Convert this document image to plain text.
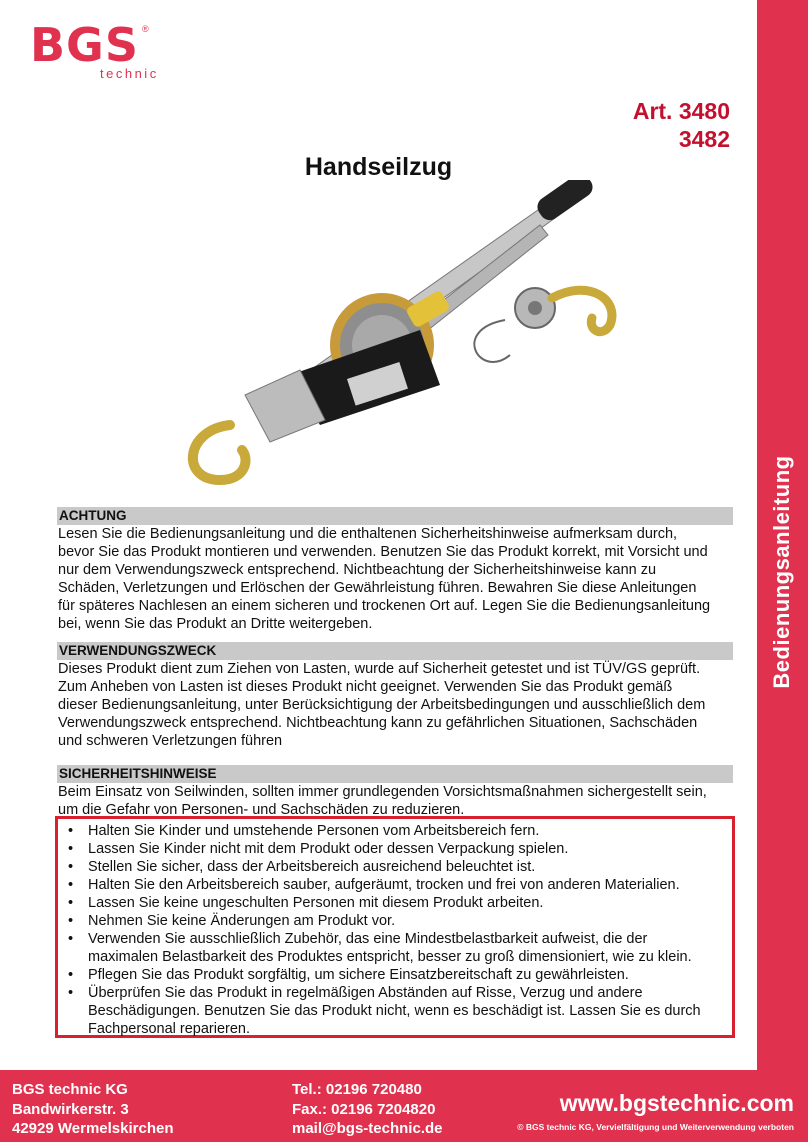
Bedienungsanleitung
BGS ®
technic
Art. 3480
3482
Handseilzug
ACHTUNG
Lesen Sie die Bedienungsanleitung und die enthaltenen Sicherheitshinweise aufmerksam durch,
bevor Sie das Produkt montieren und verwenden. Benutzen Sie das Produkt korrekt, mit Vorsicht und
nur dem Verwendungszweck entsprechend. Nichtbeachtung der Sicherheitshinweise kann zu
Schäden, Verletzungen und Erlöschen der Gewährleistung führen. Bewahren Sie diese Anleitungen
für späteres Nachlesen an einem sicheren und trockenen Ort auf. Legen Sie die Bedienungsanleitung
bei, wenn Sie das Produkt an Dritte weitergeben.
VERWENDUNGSZWECK
Dieses Produkt dient zum Ziehen von Lasten, wurde auf Sicherheit getestet und ist TÜV/GS geprüft.
Zum Anheben von Lasten ist dieses Produkt nicht geeignet. Verwenden Sie das Produkt gemäß
dieser Bedienungsanleitung, unter Berücksichtigung der Arbeitsbedingungen und ausschließlich dem
Verwendungszweck entsprechend. Nichtbeachtung kann zu gefährlichen Situationen, Sachschäden
und schweren Verletzungen führen
SICHERHEITSHINWEISE
Beim Einsatz von Seilwinden, sollten immer grundlegenden Vorsichtsmaßnahmen sichergestellt sein,
um die Gefahr von Personen- und Sachschäden zu reduzieren.
• Halten Sie Kinder und umstehende Personen vom Arbeitsbereich fern.
• Lassen Sie Kinder nicht mit dem Produkt oder dessen Verpackung spielen.
• Stellen Sie sicher, dass der Arbeitsbereich ausreichend beleuchtet ist.
• Halten Sie den Arbeitsbereich sauber, aufgeräumt, trocken und frei von anderen Materialien.
• Lassen Sie keine ungeschulten Personen mit diesem Produkt arbeiten.
• Nehmen Sie keine Änderungen am Produkt vor.
• Verwenden Sie ausschließlich Zubehör, das eine Mindestbelastbarkeit aufweist, die der
maximalen Belastbarkeit des Produktes entspricht, besser zu groß dimensioniert, wie zu klein.
• Pflegen Sie das Produkt sorgfältig, um sichere Einsatzbereitschaft zu gewährleisten.
• Überprüfen Sie das Produkt in regelmäßigen Abständen auf Risse, Verzug und andere
Beschädigungen. Benutzen Sie das Produkt nicht, wenn es beschädigt ist. Lassen Sie es durch
Fachpersonal reparieren.
BGS technic KG
Bandwirkerstr. 3
42929 Wermelskirchen
Tel.: 02196 720480
Fax.: 02196 7204820
mail@bgs-technic.de
www.bgstechnic.com
© BGS technic KG, Vervielfältigung und Weiterverwendung verboten
